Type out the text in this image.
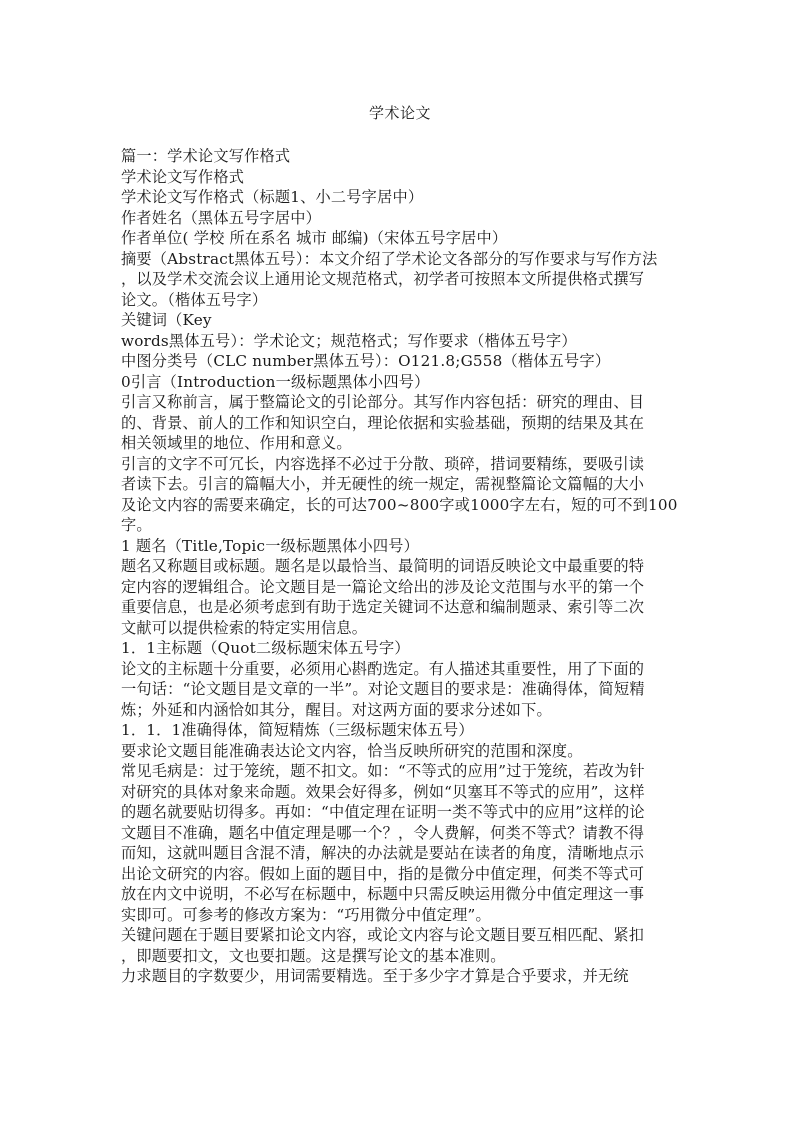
学术论文
篇一：学术论文写作格式
学术论文写作格式
学术论文写作格式（标题1、小二号字居中）
作者姓名（黑体五号字居中）
作者单位( 学校 所在系名 城市 邮编)（宋体五号字居中）
摘要（Abstract黑体五号）：本文介绍了学术论文各部分的写作要求与写作方法
，以及学术交流会议上通用论文规范格式，初学者可按照本文所提供格式撰写
论文。（楷体五号字）
关键词（Key
words黑体五号）：学术论文；规范格式；写作要求（楷体五号字）
中图分类号（CLC number黑体五号）：O121.8;G558（楷体五号字）
0引言（Introduction一级标题黑体小四号）
引言又称前言，属于整篇论文的引论部分。其写作内容包括：研究的理由、目
的、背景、前人的工作和知识空白，理论依据和实验基础，预期的结果及其在
相关领域里的地位、作用和意义。
引言的文字不可冗长，内容选择不必过于分散、琐碎，措词要精练，要吸引读
者读下去。引言的篇幅大小，并无硬性的统一规定，需视整篇论文篇幅的大小
及论文内容的需要来确定，长的可达700~800字或1000字左右，短的可不到100
字。
1 题名（Title,Topic一级标题黑体小四号）
题名又称题目或标题。题名是以最恰当、最简明的词语反映论文中最重要的特
定内容的逻辑组合。论文题目是一篇论文给出的涉及论文范围与水平的第一个
重要信息，也是必须考虑到有助于选定关键词不达意和编制题录、索引等二次
文献可以提供检索的特定实用信息。
1．1主标题（Quot二级标题宋体五号字）
论文的主标题十分重要，必须用心斟酌选定。有人描述其重要性，用了下面的
一句话：“论文题目是文章的一半”。对论文题目的要求是：准确得体，简短精
炼；外延和内涵恰如其分，醒目。对这两方面的要求分述如下。
1．1．1准确得体，简短精炼（三级标题宋体五号）
要求论文题目能准确表达论文内容，恰当反映所研究的范围和深度。
常见毛病是：过于笼统，题不扣文。如：“不等式的应用”过于笼统，若改为针
对研究的具体对象来命题。效果会好得多，例如“贝塞耳不等式的应用”，这样
的题名就要贴切得多。再如：“中值定理在证明一类不等式中的应用”这样的论
文题目不准确，题名中值定理是哪一个？，令人费解，何类不等式？请教不得
而知，这就叫题目含混不清，解决的办法就是要站在读者的角度，清晰地点示
出论文研究的内容。假如上面的题目中，指的是微分中值定理，何类不等式可
放在内文中说明，不必写在标题中，标题中只需反映运用微分中值定理这一事
实即可。可参考的修改方案为：“巧用微分中值定理”。
关键问题在于题目要紧扣论文内容，或论文内容与论文题目要互相匹配、紧扣
，即题要扣文，文也要扣题。这是撰写论文的基本准则。
力求题目的字数要少，用词需要精选。至于多少字才算是合乎要求，并无统
